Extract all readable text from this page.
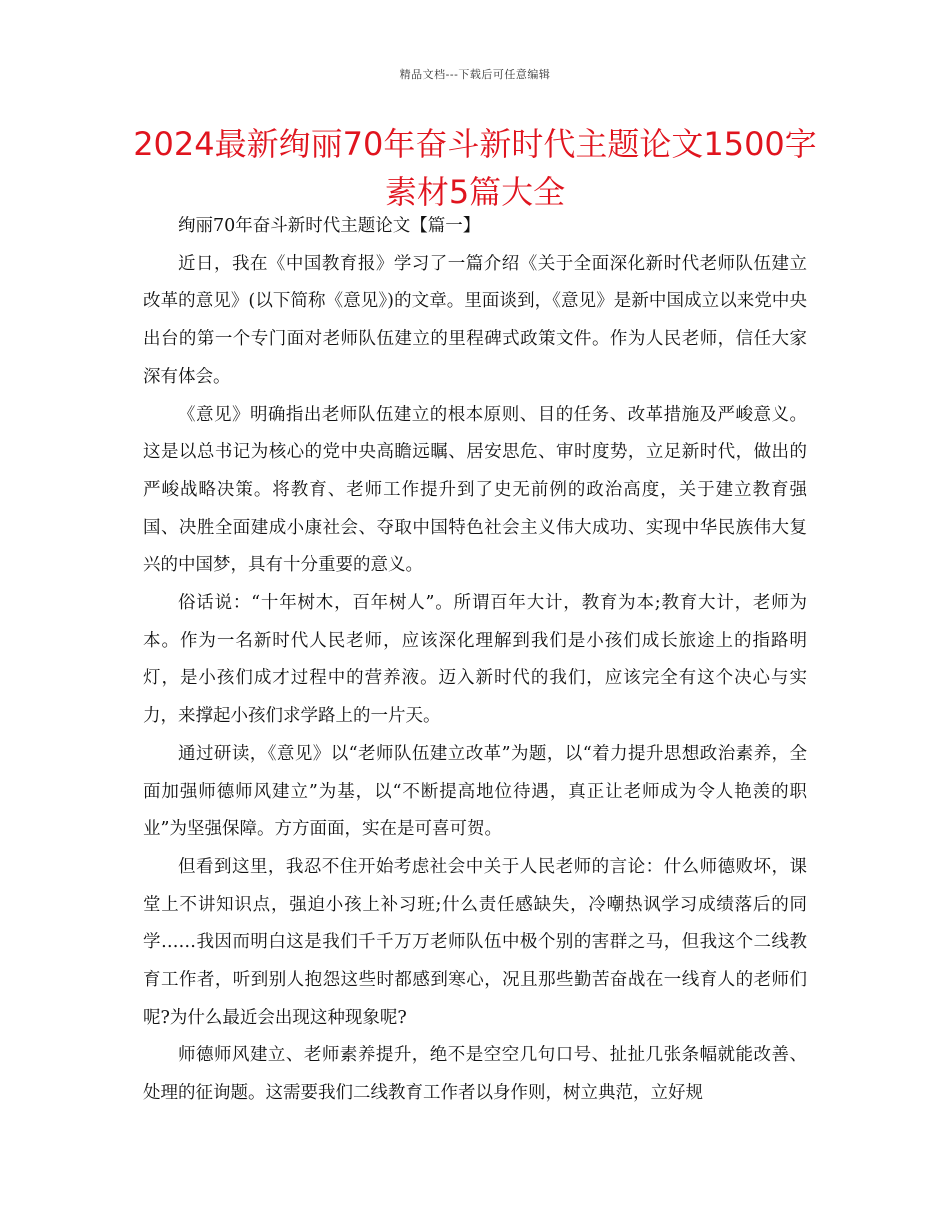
精品文档---下载后可任意编辑
2024最新绚丽70年奋斗新时代主题论文1500字素材5篇大全

绚丽70年奋斗新时代主题论文【篇一】

近日，我在《中国教育报》学习了一篇介绍《关于全面深化新时代老师队伍建立改革的意见》(以下简称《意见》)的文章。里面谈到，《意见》是新中国成立以来党中央出台的第一个专门面对老师队伍建立的里程碑式政策文件。作为人民老师，信任大家深有体会。

《意见》明确指出老师队伍建立的根本原则、目的任务、改革措施及严峻意义。这是以总书记为核心的党中央高瞻远瞩、居安思危、审时度势，立足新时代，做出的严峻战略决策。将教育、老师工作提升到了史无前例的政治高度，关于建立教育强国、决胜全面建成小康社会、夺取中国特色社会主义伟大成功、实现中华民族伟大复兴的中国梦，具有十分重要的意义。

俗话说：“十年树木，百年树人”。所谓百年大计，教育为本;教育大计，老师为本。作为一名新时代人民老师，应该深化理解到我们是小孩们成长旅途上的指路明灯，是小孩们成才过程中的营养液。迈入新时代的我们，应该完全有这个决心与实力，来撑起小孩们求学路上的一片天。

通过研读，《意见》以“老师队伍建立改革”为题，以“着力提升思想政治素养，全面加强师德师风建立”为基，以“不断提高地位待遇，真正让老师成为令人艳羡的职业”为坚强保障。方方面面，实在是可喜可贺。

但看到这里，我忍不住开始考虑社会中关于人民老师的言论：什么师德败坏，课堂上不讲知识点，强迫小孩上补习班;什么责任感缺失，冷嘲热讽学习成绩落后的同学……我因而明白这是我们千千万万老师队伍中极个别的害群之马，但我这个二线教育工作者，听到别人抱怨这些时都感到寒心，况且那些勤苦奋战在一线育人的老师们呢?为什么最近会出现这种现象呢?

师德师风建立、老师素养提升，绝不是空空几句口号、扯扯几张条幅就能改善、处理的征询题。这需要我们二线教育工作者以身作则，树立典范，立好规
